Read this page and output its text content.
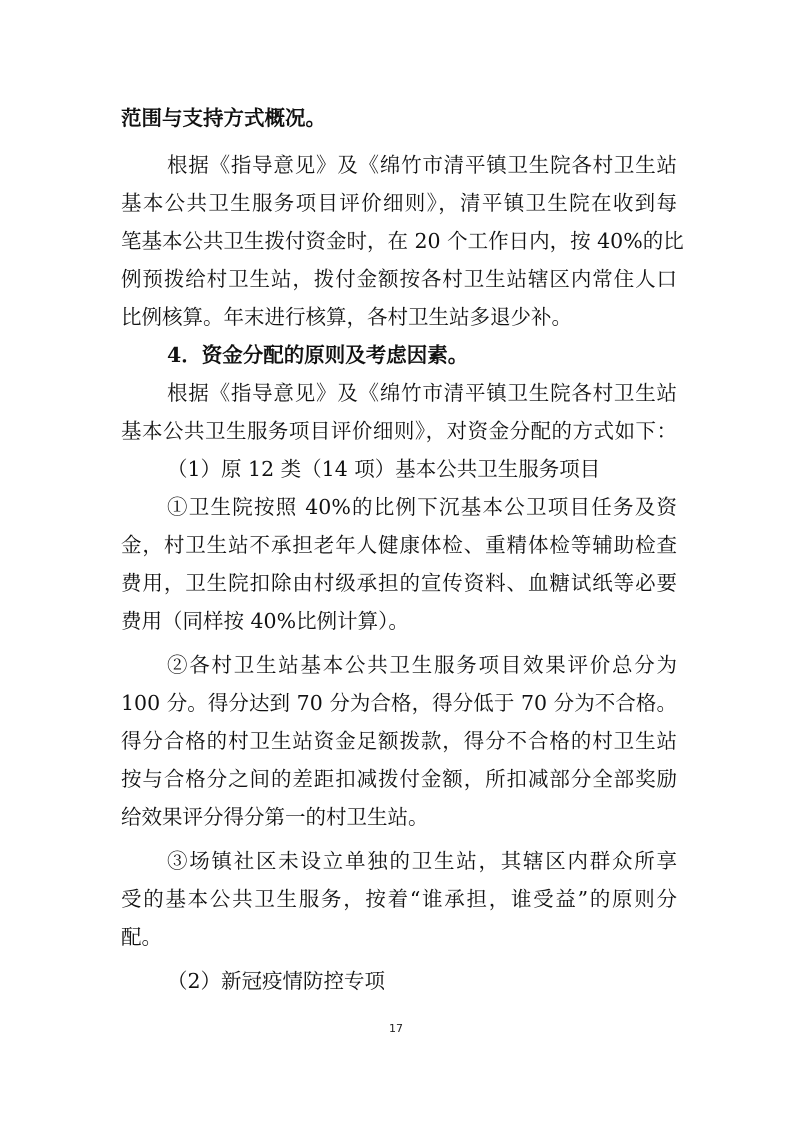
范围与支持方式概况。
根据《指导意见》及《绵竹市清平镇卫生院各村卫生站
基本公共卫生服务项目评价细则》，清平镇卫生院在收到每
笔基本公共卫生拨付资金时，在 20 个工作日内，按 40%的比
例预拨给村卫生站，拨付金额按各村卫生站辖区内常住人口
比例核算。年末进行核算，各村卫生站多退少补。
4．资金分配的原则及考虑因素。
根据《指导意见》及《绵竹市清平镇卫生院各村卫生站
基本公共卫生服务项目评价细则》，对资金分配的方式如下：
（1）原 12 类（14 项）基本公共卫生服务项目
①卫生院按照 40%的比例下沉基本公卫项目任务及资
金，村卫生站不承担老年人健康体检、重精体检等辅助检查
费用，卫生院扣除由村级承担的宣传资料、血糖试纸等必要
费用（同样按 40%比例计算）。
②各村卫生站基本公共卫生服务项目效果评价总分为
100 分。得分达到 70 分为合格，得分低于 70 分为不合格。
得分合格的村卫生站资金足额拨款，得分不合格的村卫生站
按与合格分之间的差距扣减拨付金额，所扣减部分全部奖励
给效果评分得分第一的村卫生站。
③场镇社区未设立单独的卫生站，其辖区内群众所享
受的基本公共卫生服务，按着“谁承担，谁受益”的原则分
配。
（2）新冠疫情防控专项
17
